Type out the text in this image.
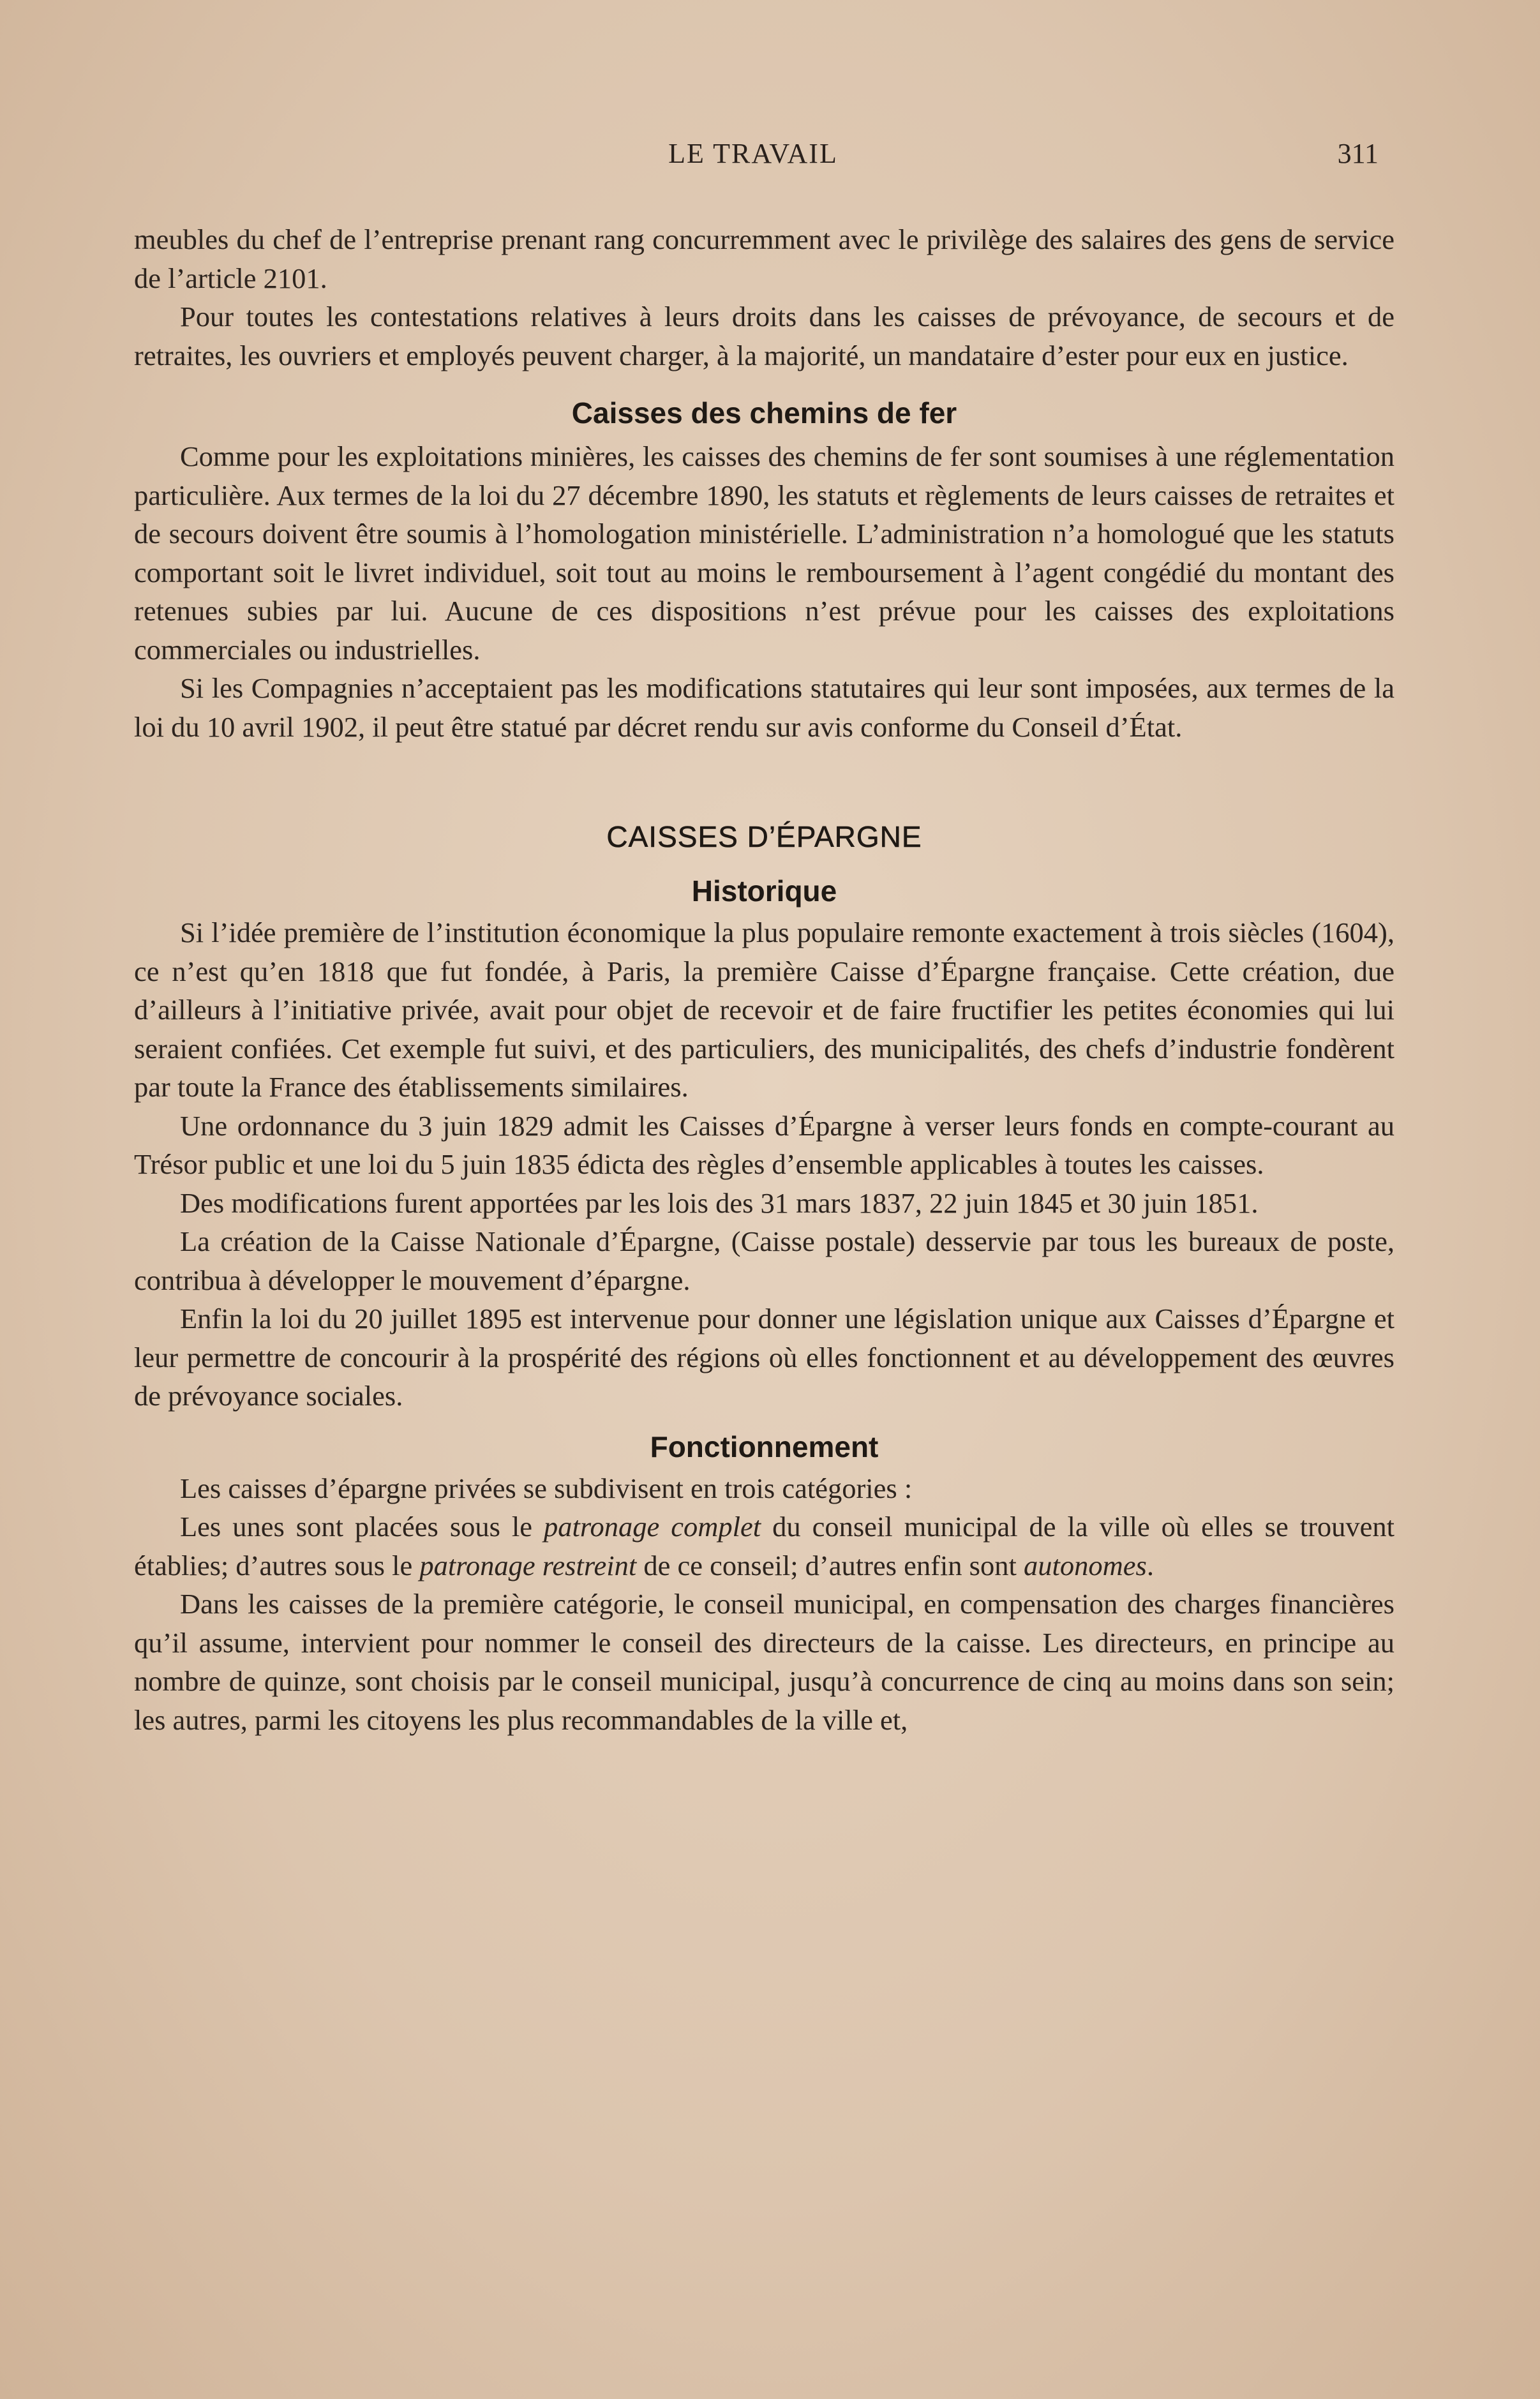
LE TRAVAIL	311

meubles du chef de l’entreprise prenant rang concurremment avec le privilège des salaires des gens de service de l’article 2101.

Pour toutes les contestations relatives à leurs droits dans les caisses de prévoyance, de secours et de retraites, les ouvriers et employés peuvent charger, à la majorité, un mandataire d’ester pour eux en justice.

Caisses des chemins de fer

Comme pour les exploitations minières, les caisses des chemins de fer sont soumises à une réglementation particulière. Aux termes de la loi du 27 décembre 1890, les statuts et règlements de leurs caisses de retraites et de secours doivent être soumis à l’homologation ministérielle. L’administration n’a homologué que les statuts comportant soit le livret individuel, soit tout au moins le remboursement à l’agent congédié du montant des retenues subies par lui. Aucune de ces dispositions n’est prévue pour les caisses des exploitations commerciales ou industrielles.

Si les Compagnies n’acceptaient pas les modifications statutaires qui leur sont imposées, aux termes de la loi du 10 avril 1902, il peut être statué par décret rendu sur avis conforme du Conseil d’État.

CAISSES D’ÉPARGNE
Historique

Si l’idée première de l’institution économique la plus populaire remonte exactement à trois siècles (1604), ce n’est qu’en 1818 que fut fondée, à Paris, la première Caisse d’Épargne française. Cette création, due d’ailleurs à l’initiative privée, avait pour objet de recevoir et de faire fructifier les petites économies qui lui seraient confiées. Cet exemple fut suivi, et des particuliers, des municipalités, des chefs d’industrie fondèrent par toute la France des établissements similaires.

Une ordonnance du 3 juin 1829 admit les Caisses d’Épargne à verser leurs fonds en compte-courant au Trésor public et une loi du 5 juin 1835 édicta des règles d’ensemble applicables à toutes les caisses.

Des modifications furent apportées par les lois des 31 mars 1837, 22 juin 1845 et 30 juin 1851.

La création de la Caisse Nationale d’Épargne, (Caisse postale) desservie par tous les bureaux de poste, contribua à développer le mouvement d’épargne.

Enfin la loi du 20 juillet 1895 est intervenue pour donner une législation unique aux Caisses d’Épargne et leur permettre de concourir à la prospérité des régions où elles fonctionnent et au développement des œuvres de prévoyance sociales.

Fonctionnement

Les caisses d’épargne privées se subdivisent en trois catégories :

Les unes sont placées sous le patronage complet du conseil municipal de la ville où elles se trouvent établies; d’autres sous le patronage restreint de ce conseil; d’autres enfin sont autonomes.

Dans les caisses de la première catégorie, le conseil municipal, en compensation des charges financières qu’il assume, intervient pour nommer le conseil des directeurs de la caisse. Les directeurs, en principe au nombre de quinze, sont choisis par le conseil municipal, jusqu’à concurrence de cinq au moins dans son sein; les autres, parmi les citoyens les plus recommandables de la ville et,
